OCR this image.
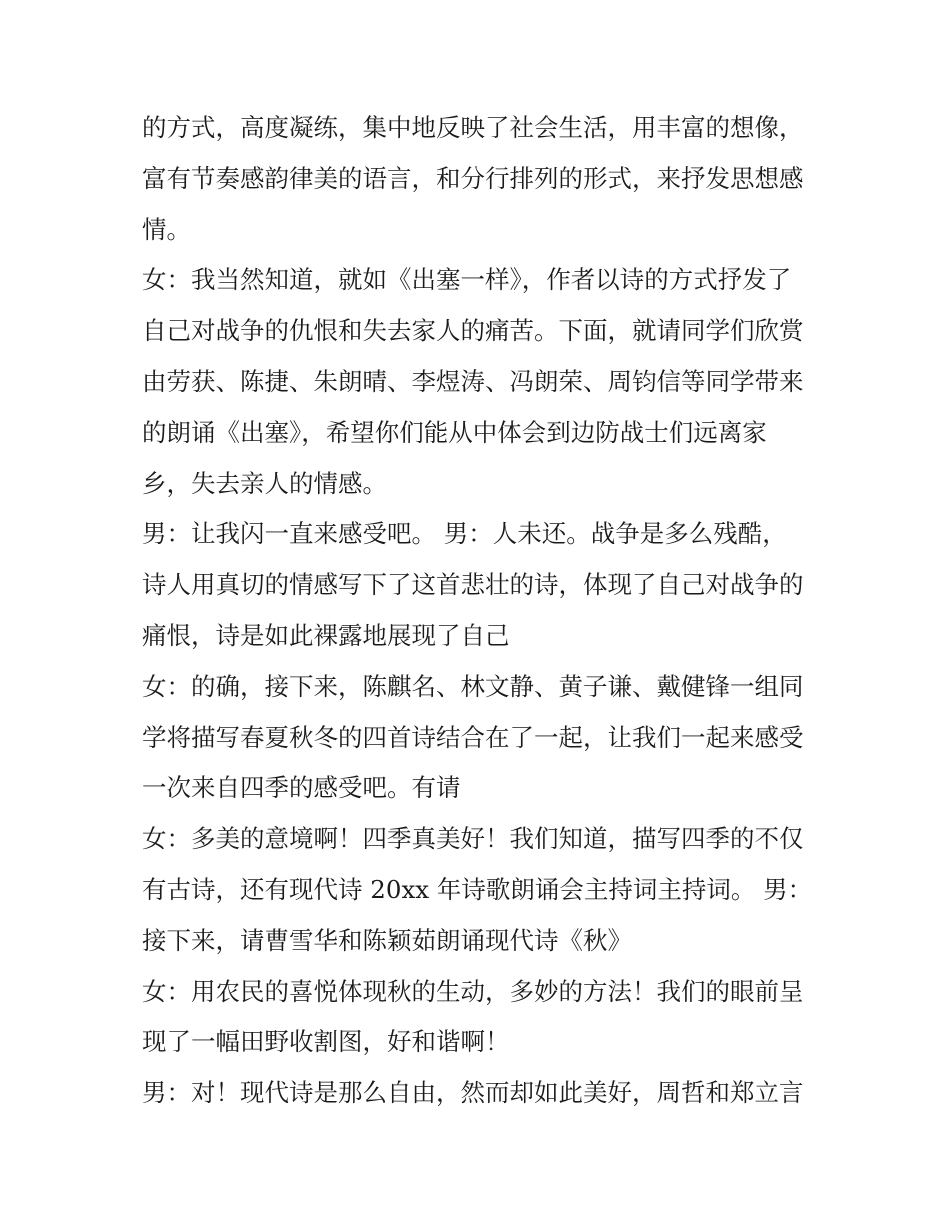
的方式，高度凝练，集中地反映了社会生活，用丰富的想像，
富有节奏感韵律美的语言，和分行排列的形式，来抒发思想感
情。
女：我当然知道，就如《出塞一样》，作者以诗的方式抒发了
自己对战争的仇恨和失去家人的痛苦。下面，就请同学们欣赏
由劳获、陈捷、朱朗晴、李煜涛、冯朗荣、周钧信等同学带来
的朗诵《出塞》，希望你们能从中体会到边防战士们远离家
乡，失去亲人的情感。
男：让我闪一直来感受吧。 男：人未还。战争是多么残酷，
诗人用真切的情感写下了这首悲壮的诗，体现了自己对战争的
痛恨，诗是如此裸露地展现了自己
女：的确，接下来，陈麒名、林文静、黄子谦、戴健锋一组同
学将描写春夏秋冬的四首诗结合在了一起，让我们一起来感受
一次来自四季的感受吧。有请
女：多美的意境啊！四季真美好！我们知道，描写四季的不仅
有古诗，还有现代诗 20xx 年诗歌朗诵会主持词主持词。 男：
接下来，请曹雪华和陈颖茹朗诵现代诗《秋》
女：用农民的喜悦体现秋的生动，多妙的方法！我们的眼前呈
现了一幅田野收割图，好和谐啊！
男：对！现代诗是那么自由，然而却如此美好，周哲和郑立言
